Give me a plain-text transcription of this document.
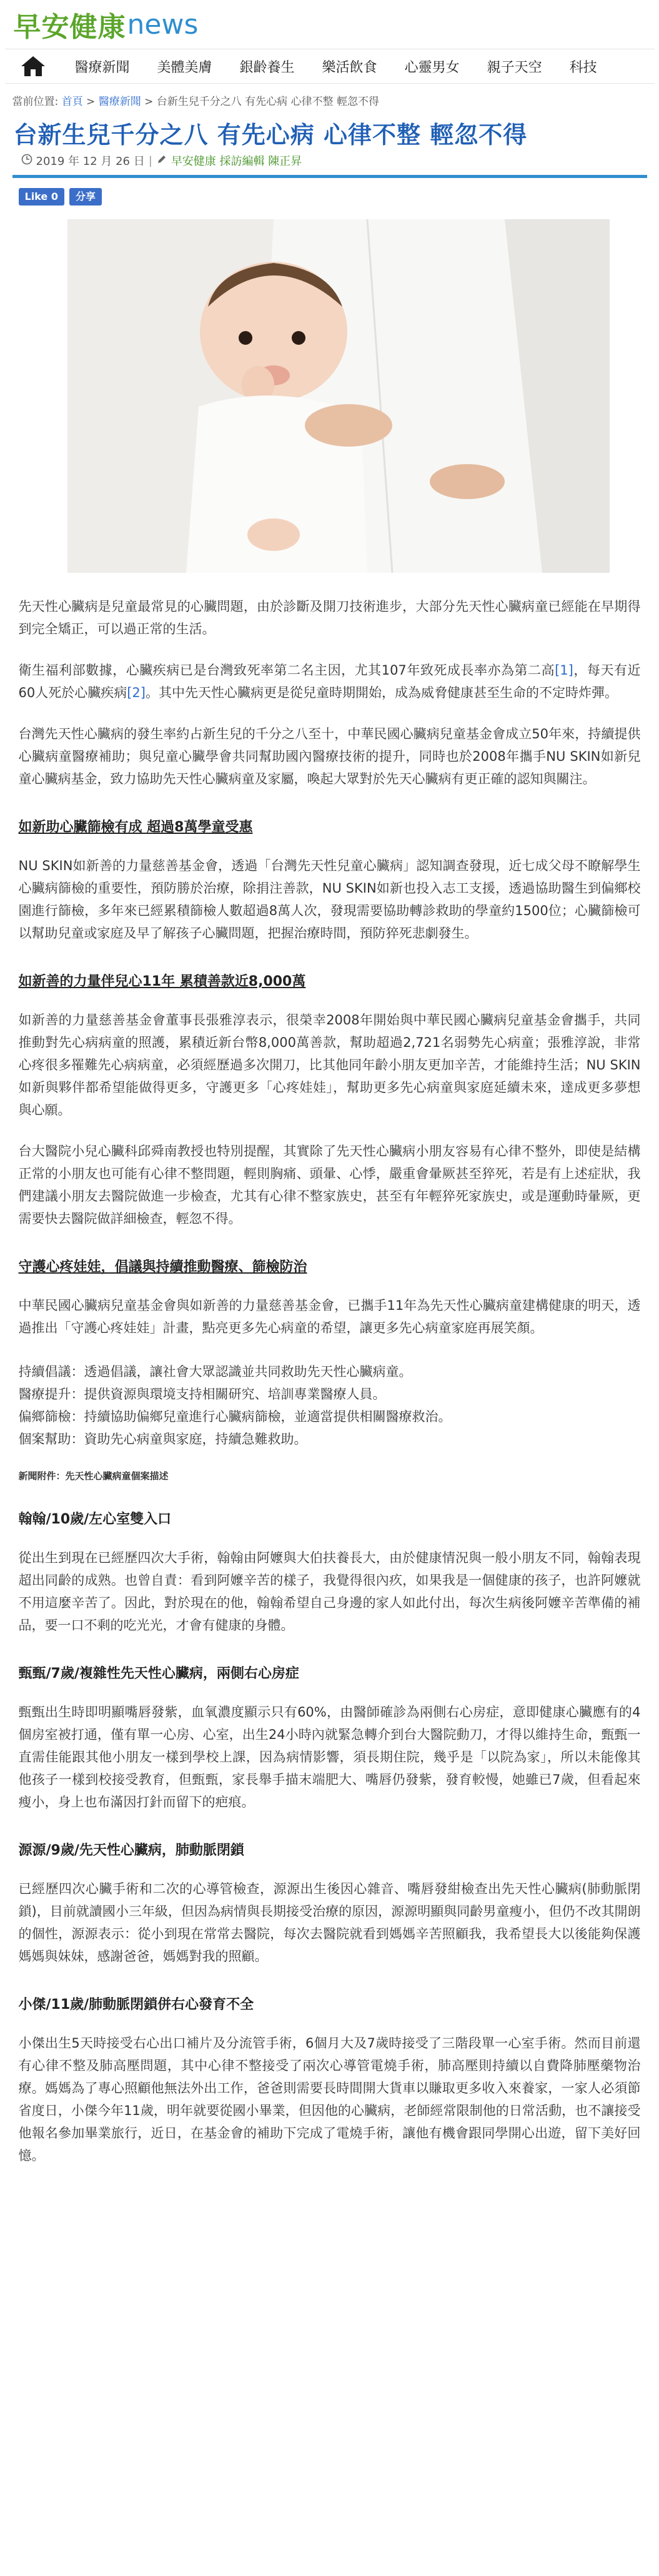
早安健康 news
醫療新聞	美體美膚	銀齡養生	樂活飲食	心靈男女	親子天空	科技
當前位置: 首頁 > 醫療新聞 > 台新生兒千分之八 有先心病 心律不整 輕忽不得
台新生兒千分之八 有先心病 心律不整 輕忽不得
2019 年 12 月 26 日 | 早安健康 採訪編輯 陳正昇
Like 0	分享

先天性心臟病是兒童最常見的心臟問題，由於診斷及開刀技術進步，大部分先天性心臟病童已經能在早期得到完全矯正，可以過正常的生活。

衛生福利部數據，心臟疾病已是台灣致死率第二名主因，尤其107年致死成長率亦為第二高[1]，每天有近60人死於心臟疾病[2]。其中先天性心臟病更是從兒童時期開始，成為威脅健康甚至生命的不定時炸彈。

台灣先天性心臟病的發生率約占新生兒的千分之八至十，中華民國心臟病兒童基金會成立50年來，持續提供心臟病童醫療補助；與兒童心臟學會共同幫助國內醫療技術的提升，同時也於2008年攜手NU SKIN如新兒童心臟病基金，致力協助先天性心臟病童及家屬，喚起大眾對於先天心臟病有更正確的認知與關注。

如新助心臟篩檢有成 超過8萬學童受惠

NU SKIN如新善的力量慈善基金會，透過「台灣先天性兒童心臟病」認知調查發現，近七成父母不瞭解學生心臟病篩檢的重要性，預防勝於治療，除捐注善款，NU SKIN如新也投入志工支援，透過協助醫生到偏鄉校園進行篩檢，多年來已經累積篩檢人數超過8萬人次，發現需要協助轉診救助的學童約1500位；心臟篩檢可以幫助兒童或家庭及早了解孩子心臟問題，把握治療時間，預防猝死悲劇發生。

如新善的力量伴兒心11年 累積善款近8,000萬

如新善的力量慈善基金會董事長張雅淳表示，很榮幸2008年開始與中華民國心臟病兒童基金會攜手，共同推動對先心病病童的照護，累積近新台幣8,000萬善款，幫助超過2,721名弱勢先心病童；張雅淳說，非常心疼很多罹難先心病病童，必須經歷過多次開刀，比其他同年齡小朋友更加辛苦，才能維持生活；NU SKIN如新與夥伴都希望能做得更多，守護更多「心疼娃娃」，幫助更多先心病童與家庭延續未來，達成更多夢想與心願。

台大醫院小兒心臟科邱舜南教授也特別提醒，其實除了先天性心臟病小朋友容易有心律不整外，即使是結構正常的小朋友也可能有心律不整問題，輕則胸痛、頭暈、心悸，嚴重會暈厥甚至猝死，若是有上述症狀，我們建議小朋友去醫院做進一步檢查，尤其有心律不整家族史，甚至有年輕猝死家族史，或是運動時暈厥，更需要快去醫院做詳細檢查，輕忽不得。

守護心疼娃娃，倡議與持續推動醫療、篩檢防治

中華民國心臟病兒童基金會與如新善的力量慈善基金會，已攜手11年為先天性心臟病童建構健康的明天，透過推出「守護心疼娃娃」計畫，點亮更多先心病童的希望，讓更多先心病童家庭再展笑顏。

持續倡議：透過倡議，讓社會大眾認識並共同救助先天性心臟病童。
醫療提升：提供資源與環境支持相關研究、培訓專業醫療人員。
偏鄉篩檢：持續協助偏鄉兒童進行心臟病篩檢，並適當提供相關醫療救治。
個案幫助：資助先心病童與家庭，持續急難救助。
新聞附件：先天性心臟病童個案描述
翰翰/10歲/左心室雙入口

從出生到現在已經歷四次大手術，翰翰由阿嬤與大伯扶養長大，由於健康情況與一般小朋友不同，翰翰表現超出同齡的成熟。也曾自責：看到阿嬤辛苦的樣子，我覺得很內疚，如果我是一個健康的孩子，也許阿嬤就不用這麼辛苦了。因此，對於現在的他，翰翰希望自己身邊的家人如此付出，每次生病後阿嬤辛苦準備的補品，要一口不剩的吃光光，才會有健康的身體。

甄甄/7歲/複雜性先天性心臟病，兩側右心房症

甄甄出生時即明顯嘴唇發紫，血氧濃度顯示只有60%，由醫師確診為兩側右心房症，意即健康心臟應有的4個房室被打通，僅有單一心房、心室，出生24小時內就緊急轉介到台大醫院動刀，才得以維持生命，甄甄一直需佳能跟其他小朋友一樣到學校上課，因為病情影響，須長期住院，幾乎是「以院為家」，所以未能像其他孩子一樣到校接受教育，但甄甄，家長舉手描末端肥大、嘴唇仍發紫，發育較慢，她雖已7歲，但看起來瘦小，身上也布滿因打針而留下的疤痕。

源源/9歲/先天性心臟病，肺動脈閉鎖

已經歷四次心臟手術和二次的心導管檢查，源源出生後因心雜音、嘴唇發紺檢查出先天性心臟病(肺動脈閉鎖)，目前就讀國小三年級，但因為病情與長期接受治療的原因，源源明顯與同齡男童瘦小，但仍不改其開朗的個性，源源表示：從小到現在常常去醫院，每次去醫院就看到媽媽辛苦照顧我，我希望長大以後能夠保護媽媽與妹妹，感謝爸爸，媽媽對我的照顧。

小傑/11歲/肺動脈閉鎖併右心發育不全

小傑出生5天時接受右心出口補片及分流管手術，6個月大及7歲時接受了三階段單一心室手術。然而目前還有心律不整及肺高壓問題，其中心律不整接受了兩次心導管電燒手術，肺高壓則持續以自費降肺壓藥物治療。媽媽為了專心照顧他無法外出工作，爸爸則需要長時間開大貨車以賺取更多收入來養家，一家人必須節省度日，小傑今年11歲，明年就要從國小畢業，但因他的心臟病，老師經常限制他的日常活動，也不讓接受他報名參加畢業旅行，近日，在基金會的補助下完成了電燒手術，讓他有機會跟同學開心出遊，留下美好回憶。
